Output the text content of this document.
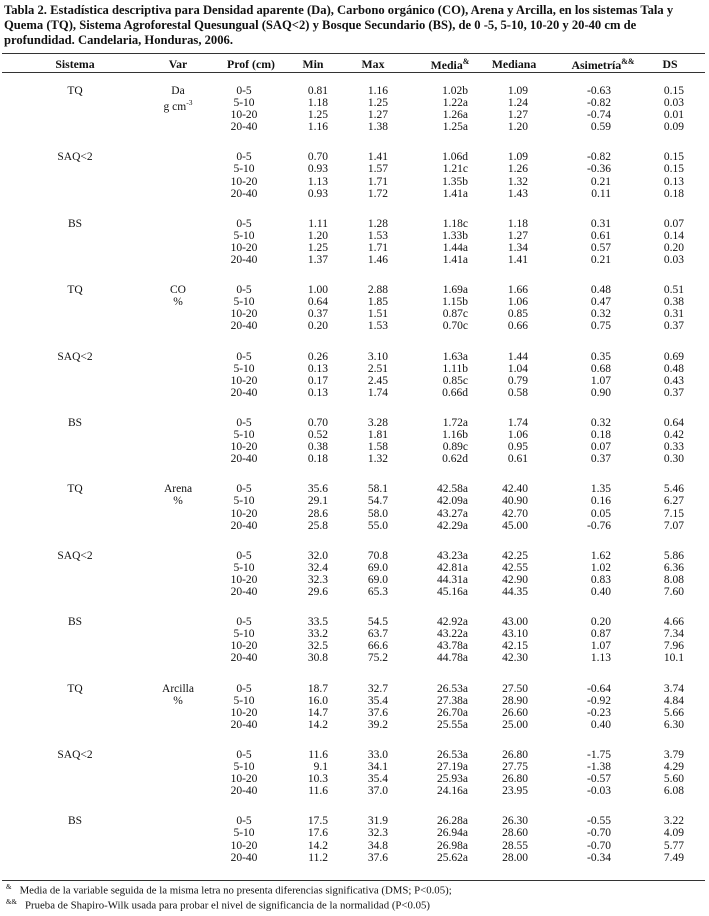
Tabla 2. Estadística descriptiva para Densidad aparente (Da), Carbono orgánico (CO), Arena y Arcilla, en los sistemas Tala y Quema (TQ), Sistema Agroforestal Quesungual (SAQ<2) y Bosque Secundario (BS), de 0 -5, 5-10, 10-20 y 20-40 cm de profundidad. Candelaria, Honduras, 2006.
Sistema	Var	Prof (cm)	Min	Max	Media&	Mediana	Asimetría&&	DS
TQ	Da
g $cm^{-3}$
0-5	0.81	1.16	1.02b	1.09	-0.63	0.15
5-10	1.18	1.25	1.22a	1.24	-0.82	0.03
10-20	1.25	1.27	1.26a	1.27	-0.74	0.01
20-40	1.16	1.38	1.25a	1.20	0.59	0.09
SAQ<2	0-5	0.70	1.41	1.06d	1.09	-0.82	0.15
5-10	0.93	1.57	1.21c	1.26	-0.36	0.15
10-20	1.13	1.71	1.35b	1.32	0.21	0.13
20-40	0.93	1.72	1.41a	1.43	0.11	0.18
BS	0-5	1.11	1.28	1.18c	1.18	0.31	0.07
5-10	1.20	1.53	1.33b	1.27	0.61	0.14
10-20	1.25	1.71	1.44a	1.34	0.57	0.20
20-40	1.37	1.46	1.41a	1.41	0.21	0.03
TQ	CO
%
0-5	1.00	2.88	1.69a	1.66	0.48	0.51
5-10	0.64	1.85	1.15b	1.06	0.47	0.38
10-20	0.37	1.51	0.87c	0.85	0.32	0.31
20-40	0.20	1.53	0.70c	0.66	0.75	0.37
SAQ<2	0-5	0.26	3.10	1.63a	1.44	0.35	0.69
5-10	0.13	2.51	1.11b	1.04	0.68	0.48
10-20	0.17	2.45	0.85c	0.79	1.07	0.43
20-40	0.13	1.74	0.66d	0.58	0.90	0.37
BS	0-5	0.70	3.28	1.72a	1.74	0.32	0.64
5-10	0.52	1.81	1.16b	1.06	0.18	0.42
10-20	0.38	1.58	0.89c	0.95	0.07	0.33
20-40	0.18	1.32	0.62d	0.61	0.37	0.30
TQ	Arena
%
0-5	35.6	58.1	42.58a	42.40	1.35	5.46
5-10	29.1	54.7	42.09a	40.90	0.16	6.27
10-20	28.6	58.0	43.27a	42.70	0.05	7.15
20-40	25.8	55.0	42.29a	45.00	-0.76	7.07
SAQ<2	0-5	32.0	70.8	43.23a	42.25	1.62	5.86
5-10	32.4	69.0	42.81a	42.55	1.02	6.36
10-20	32.3	69.0	44.31a	42.90	0.83	8.08
20-40	29.6	65.3	45.16a	44.35	0.40	7.60
BS	0-5	33.5	54.5	42.92a	43.00	0.20	4.66
5-10	33.2	63.7	43.22a	43.10	0.87	7.34
10-20	32.5	66.6	43.78a	42.15	1.07	7.96
20-40	30.8	75.2	44.78a	42.30	1.13	10.1
TQ	Arcilla
%
0-5	18.7	32.7	26.53a	27.50	-0.64	3.74
5-10	16.0	35.4	27.38a	28.90	-0.92	4.84
10-20	14.7	37.6	26.70a	26.60	-0.23	5.66
20-40	14.2	39.2	25.55a	25.00	0.40	6.30
SAQ<2	0-5	11.6	33.0	26.53a	26.80	-1.75	3.79
5-10	9.1	34.1	27.19a	27.75	-1.38	4.29
10-20	10.3	35.4	25.93a	26.80	-0.57	5.60
20-40	11.6	37.0	24.16a	23.95	-0.03	6.08
BS	0-5	17.5	31.9	26.28a	26.30	-0.55	3.22
5-10	17.6	32.3	26.94a	28.60	-0.70	4.09
10-20	14.2	34.8	26.98a	28.55	-0.70	5.77
20-40	11.2	37.6	25.62a	28.00	-0.34	7.49
& Media de la variable seguida de la misma letra no presenta diferencias significativa (DMS; P<0.05);
&& Prueba de Shapiro-Wilk usada para probar el nivel de significancia de la normalidad (P<0.05)
